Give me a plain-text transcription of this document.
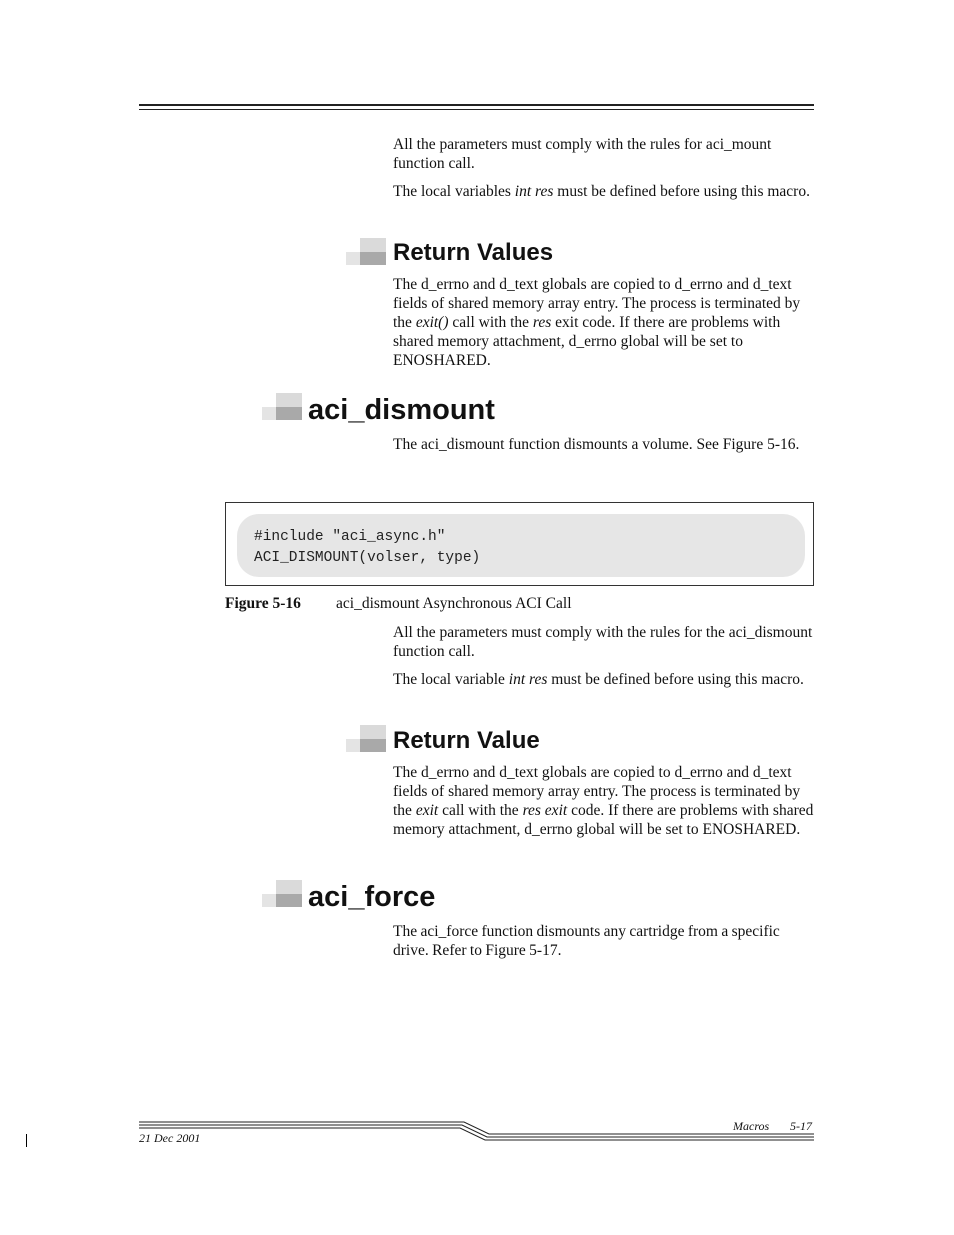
All the parameters must comply with the rules for aci_mount function call.

The local variables int res must be defined before using this macro.

Return Values

The d_errno and d_text globals are copied to d_errno and d_text fields of shared memory array entry. The process is terminated by the exit() call with the res exit code. If there are problems with shared memory attachment, d_errno global will be set to ENOSHARED.

aci_dismount

The aci_dismount function dismounts a volume. See Figure 5-16.

#include "aci_async.h"
ACI_DISMOUNT(volser, type)
Figure 5-16 aci_dismount Asynchronous ACI Call

All the parameters must comply with the rules for the aci_dismount function call.

The local variable int res must be defined before using this macro.

Return Value

The d_errno and d_text globals are copied to d_errno and d_text fields of shared memory array entry. The process is terminated by the exit call with the res exit code. If there are problems with shared memory attachment, d_errno global will be set to ENOSHARED.

aci_force

The aci_force function dismounts any cartridge from a specific drive. Refer to Figure 5-17.

Macros 5-17
21 Dec 2001
